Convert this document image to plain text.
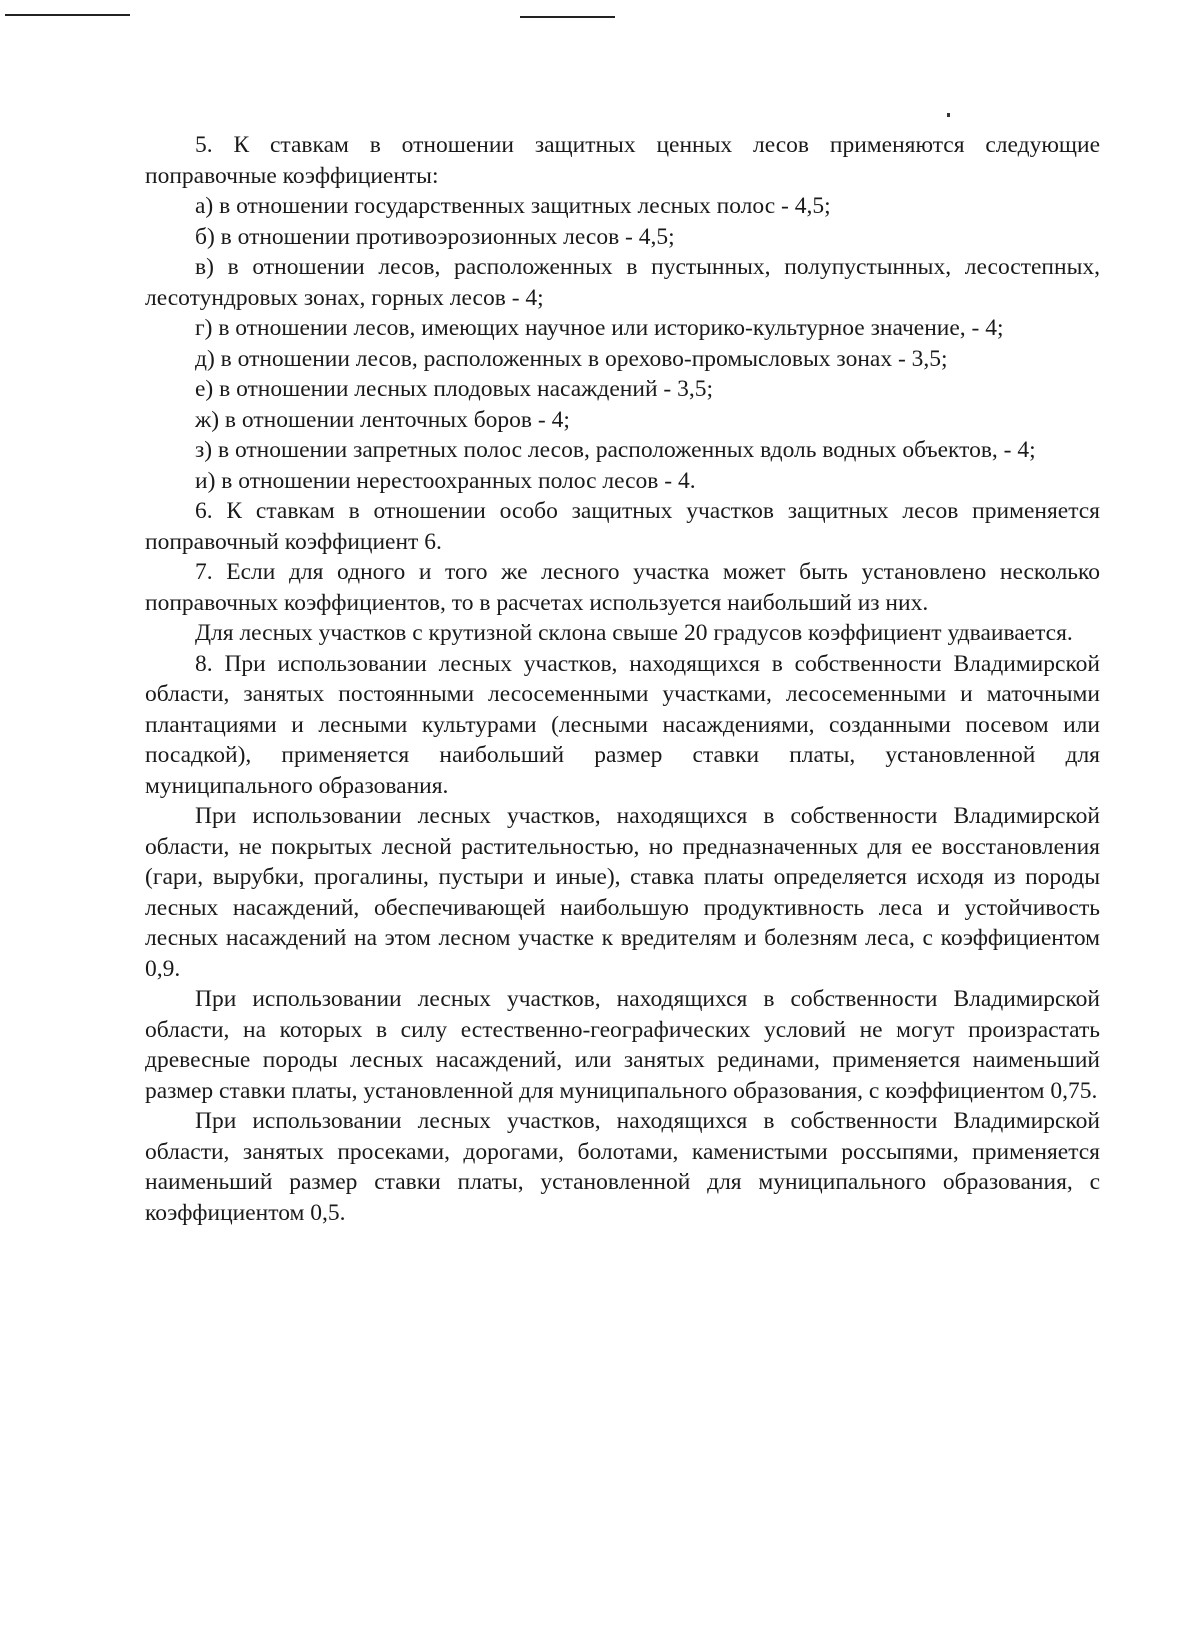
5. К ставкам в отношении защитных ценных лесов применяются следующие поправочные коэффициенты:

а) в отношении государственных защитных лесных полос - 4,5;

б) в отношении противоэрозионных лесов - 4,5;

в) в отношении лесов, расположенных в пустынных, полупустынных, лесостепных, лесотундровых зонах, горных лесов - 4;

г) в отношении лесов, имеющих научное или историко-культурное значение, - 4;

д) в отношении лесов, расположенных в орехово-промысловых зонах - 3,5;

е) в отношении лесных плодовых насаждений - 3,5;

ж) в отношении ленточных боров - 4;

з) в отношении запретных полос лесов, расположенных вдоль водных объектов, - 4;

и) в отношении нерестоохранных полос лесов - 4.

6. К ставкам в отношении особо защитных участков защитных лесов применяется поправочный коэффициент 6.

7. Если для одного и того же лесного участка может быть установлено несколько поправочных коэффициентов, то в расчетах используется наибольший из них.

Для лесных участков с крутизной склона свыше 20 градусов коэффициент удваивается.

8. При использовании лесных участков, находящихся в собственности Владимирской области, занятых постоянными лесосеменными участками, лесосеменными и маточными плантациями и лесными культурами (лесными насаждениями, созданными посевом или посадкой), применяется наибольший размер ставки платы, установленной для муниципального образования.

При использовании лесных участков, находящихся в собственности Владимирской области, не покрытых лесной растительностью, но предназначенных для ее восстановления (гари, вырубки, прогалины, пустыри и иные), ставка платы определяется исходя из породы лесных насаждений, обеспечивающей наибольшую продуктивность леса и устойчивость лесных насаждений на этом лесном участке к вредителям и болезням леса, с коэффициентом 0,9.

При использовании лесных участков, находящихся в собственности Владимирской области, на которых в силу естественно-географических условий не могут произрастать древесные породы лесных насаждений, или занятых рединами, применяется наименьший размер ставки платы, установленной для муниципального образования, с коэффициентом 0,75.

При использовании лесных участков, находящихся в собственности Владимирской области, занятых просеками, дорогами, болотами, каменистыми россыпями, применяется наименьший размер ставки платы, установленной для муниципального образования, с коэффициентом 0,5.
